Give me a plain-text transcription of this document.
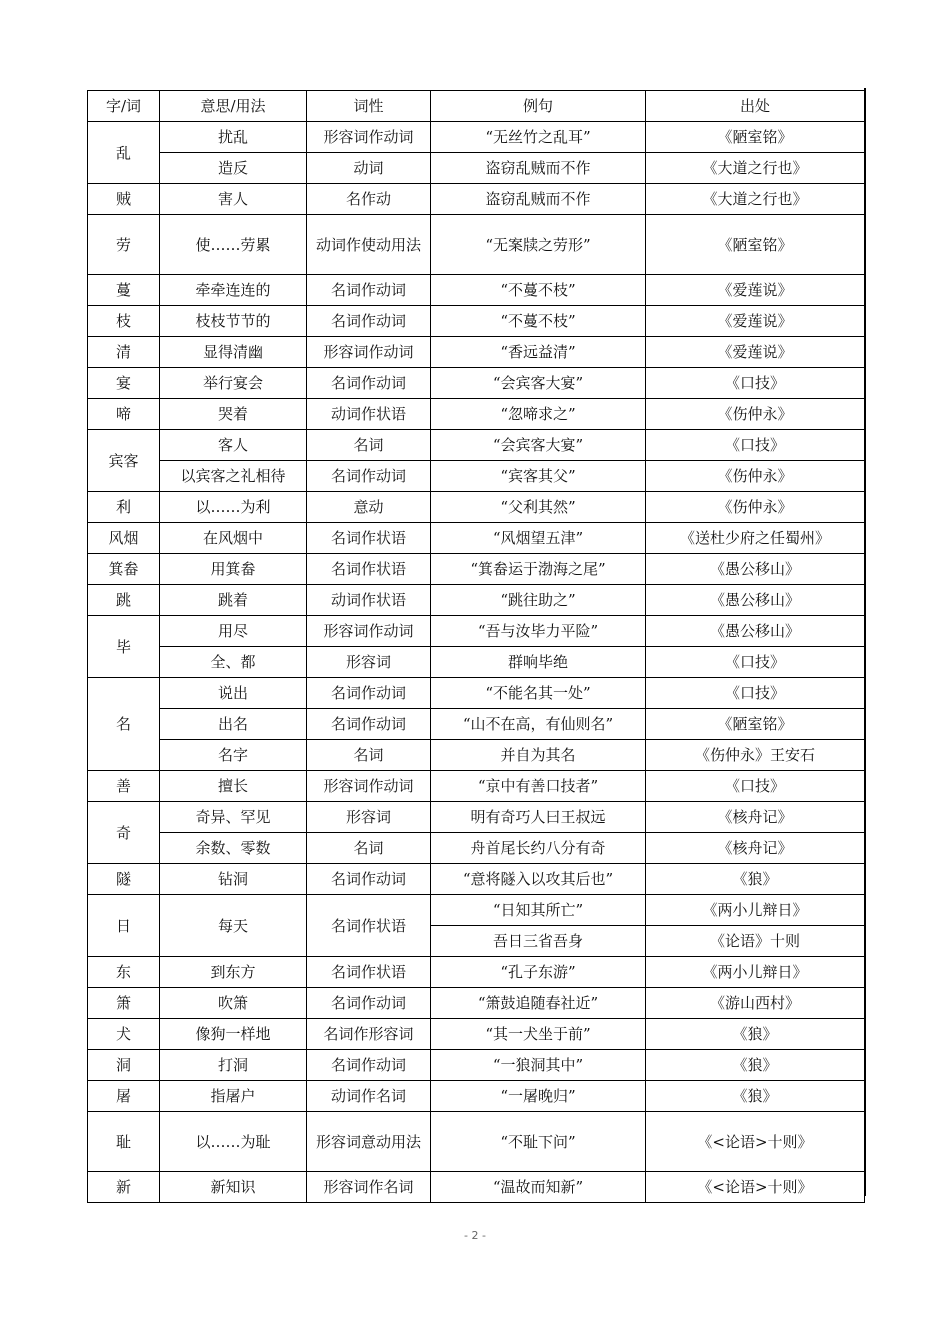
字/词	意思/用法	词性	例句	出处
乱	扰乱	形容词作动词	“无丝竹之乱耳”	《陋室铭》
	造反	动词	盗窃乱贼而不作	《大道之行也》
贼	害人	名作动	盗窃乱贼而不作	《大道之行也》
劳	使……劳累	动词作使动用法	“无案牍之劳形”	《陋室铭》
蔓	牵牵连连的	名词作动词	“不蔓不枝”	《爱莲说》
枝	枝枝节节的	名词作动词	“不蔓不枝”	《爱莲说》
清	显得清幽	形容词作动词	“香远益清”	《爱莲说》
宴	举行宴会	名词作动词	“会宾客大宴”	《口技》
啼	哭着	动词作状语	“忽啼求之”	《伤仲永》
宾客	客人	名词	“会宾客大宴”	《口技》
	以宾客之礼相待	名词作动词	“宾客其父”	《伤仲永》
利	以……为利	意动	“父利其然”	《伤仲永》
风烟	在风烟中	名词作状语	“风烟望五津”	《送杜少府之任蜀州》
箕畚	用箕畚	名词作状语	“箕畚运于渤海之尾”	《愚公移山》
跳	跳着	动词作状语	“跳往助之”	《愚公移山》
毕	用尽	形容词作动词	“吾与汝毕力平险”	《愚公移山》
	全、都	形容词	群响毕绝	《口技》
名	说出	名词作动词	“不能名其一处”	《口技》
	出名	名词作动词	“山不在高，有仙则名”	《陋室铭》
	名字	名词	并自为其名	《伤仲永》王安石
善	擅长	形容词作动词	“京中有善口技者”	《口技》
奇	奇异、罕见	形容词	明有奇巧人曰王叔远	《核舟记》
	余数、零数	名词	舟首尾长约八分有奇	《核舟记》
隧	钻洞	名词作动词	“意将隧入以攻其后也”	《狼》
日	每天	名词作状语	“日知其所亡”	《两小儿辩日》
			吾日三省吾身	《论语》十则
东	到东方	名词作状语	“孔子东游”	《两小儿辩日》
箫	吹箫	名词作动词	“箫鼓追随春社近”	《游山西村》
犬	像狗一样地	名词作形容词	“其一犬坐于前”	《狼》
洞	打洞	名词作动词	“一狼洞其中”	《狼》
屠	指屠户	动词作名词	“一屠晚归”	《狼》
耻	以……为耻	形容词意动用法	“不耻下问”	《<论语>十则》
新	新知识	形容词作名词	“温故而知新”	《<论语>十则》
- 2 -
